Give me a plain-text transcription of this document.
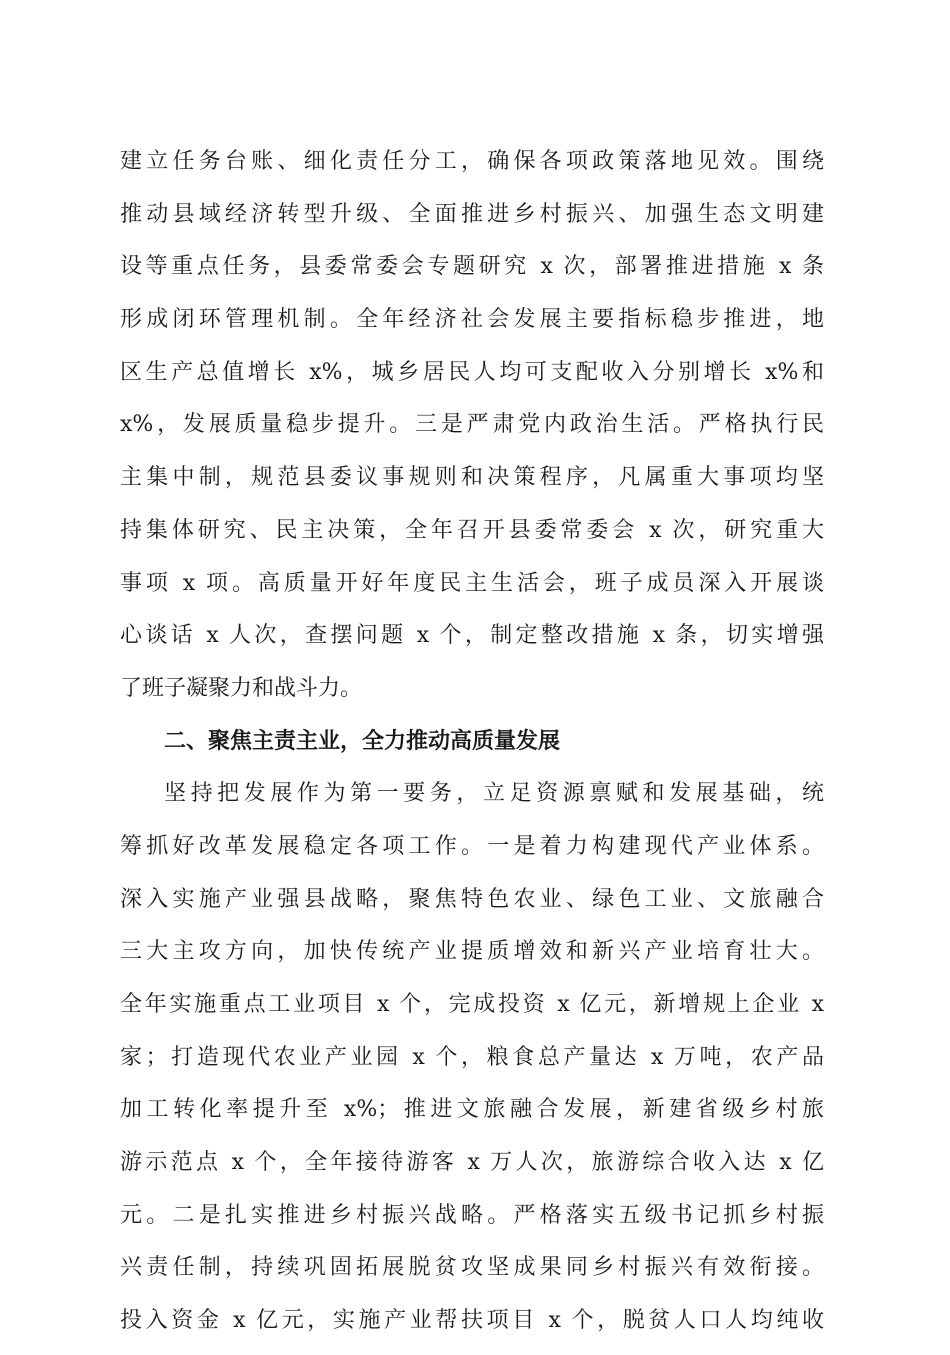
建立任务台账、细化责任分工，确保各项政策落地见效。围绕
推动县域经济转型升级、全面推进乡村振兴、加强生态文明建
设等重点任务，县委常委会专题研究 x 次，部署推进措施 x 条
形成闭环管理机制。全年经济社会发展主要指标稳步推进，地
区生产总值增长 x%，城乡居民人均可支配收入分别增长 x%和
x%，发展质量稳步提升。三是严肃党内政治生活。严格执行民
主集中制，规范县委议事规则和决策程序，凡属重大事项均坚
持集体研究、民主决策，全年召开县委常委会 x 次，研究重大
事项 x 项。高质量开好年度民主生活会，班子成员深入开展谈
心谈话 x 人次，查摆问题 x 个，制定整改措施 x 条，切实增强
了班子凝聚力和战斗力。
二、聚焦主责主业，全力推动高质量发展
坚持把发展作为第一要务，立足资源禀赋和发展基础，统
筹抓好改革发展稳定各项工作。一是着力构建现代产业体系。
深入实施产业强县战略，聚焦特色农业、绿色工业、文旅融合
三大主攻方向，加快传统产业提质增效和新兴产业培育壮大。
全年实施重点工业项目 x 个，完成投资 x 亿元，新增规上企业 x
家；打造现代农业产业园 x 个，粮食总产量达 x 万吨，农产品
加工转化率提升至 x%；推进文旅融合发展，新建省级乡村旅
游示范点 x 个，全年接待游客 x 万人次，旅游综合收入达 x 亿
元。二是扎实推进乡村振兴战略。严格落实五级书记抓乡村振
兴责任制，持续巩固拓展脱贫攻坚成果同乡村振兴有效衔接。
投入资金 x 亿元，实施产业帮扶项目 x 个，脱贫人口人均纯收
